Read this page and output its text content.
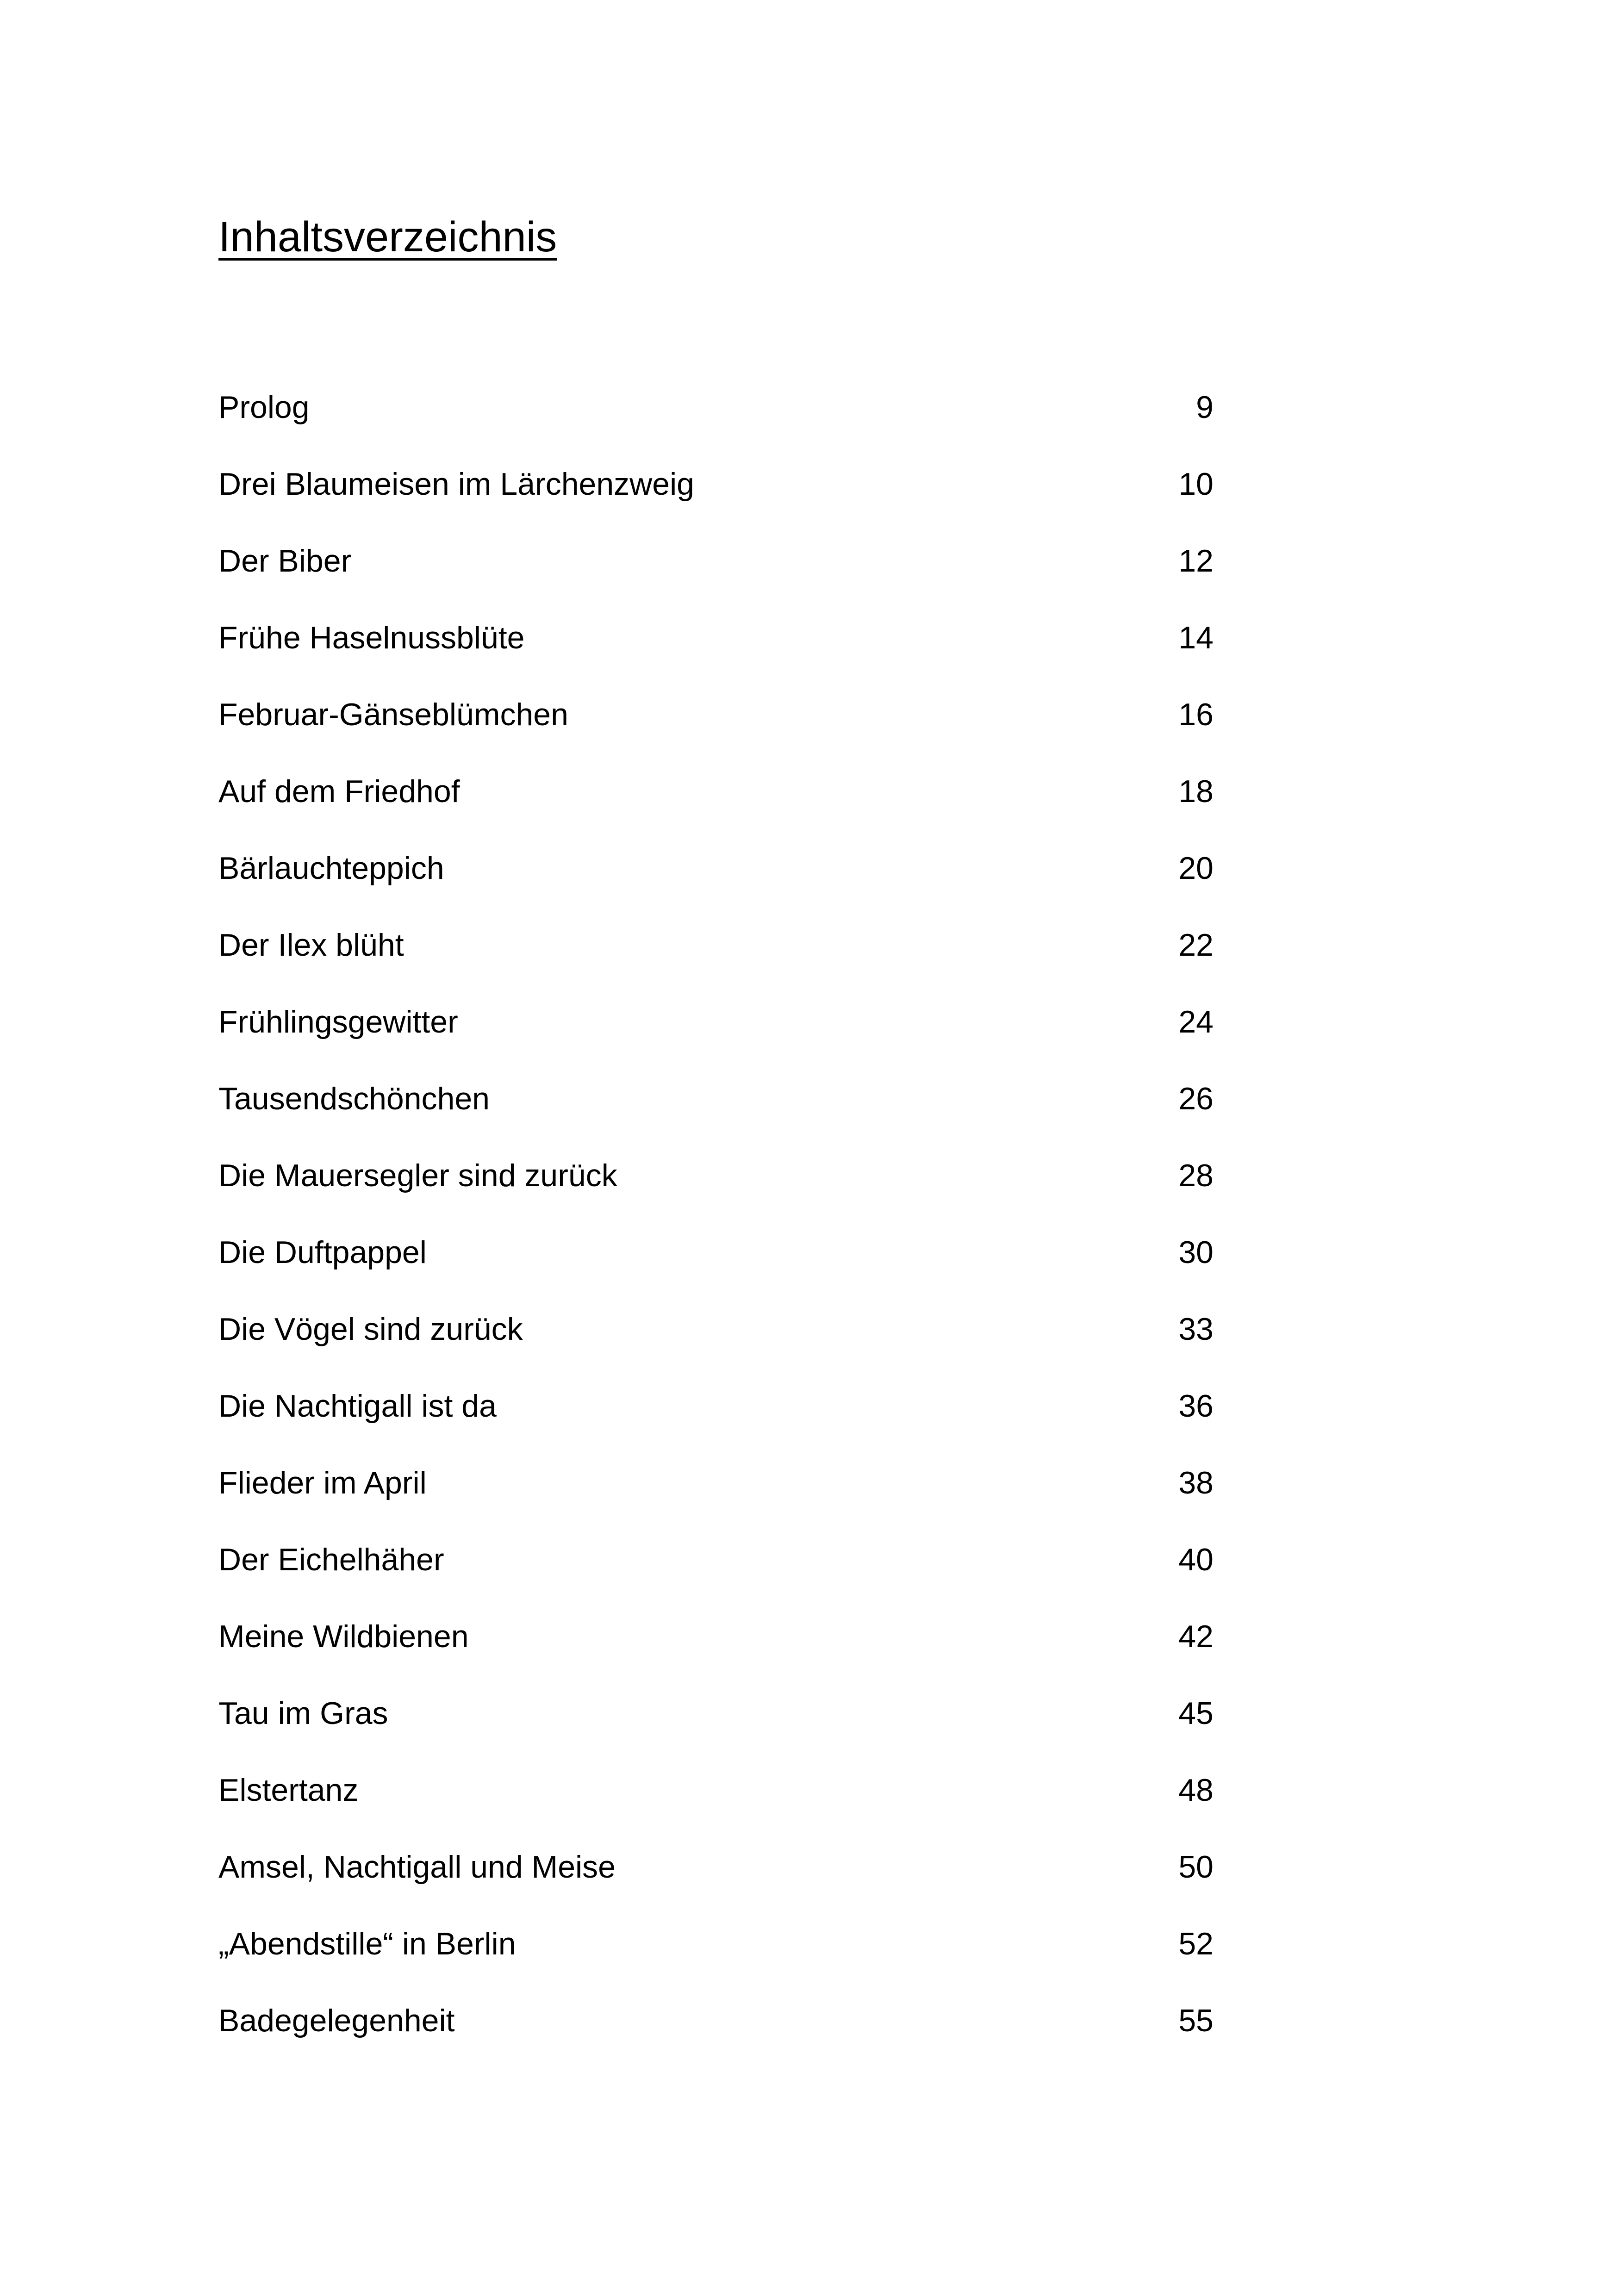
Inhaltsverzeichnis
Prolog	9
Drei Blaumeisen im Lärchenzweig	10
Der Biber	12
Frühe Haselnussblüte	14
Februar-Gänseblümchen	16
Auf dem Friedhof	18
Bärlauchteppich	20
Der Ilex blüht	22
Frühlingsgewitter	24
Tausendschönchen	26
Die Mauersegler sind zurück	28
Die Duftpappel	30
Die Vögel sind zurück	33
Die Nachtigall ist da	36
Flieder im April	38
Der Eichelhäher	40
Meine Wildbienen	42
Tau im Gras	45
Elstertanz	48
Amsel, Nachtigall und Meise	50
„Abendstille“ in Berlin	52
Badegelegenheit	55
